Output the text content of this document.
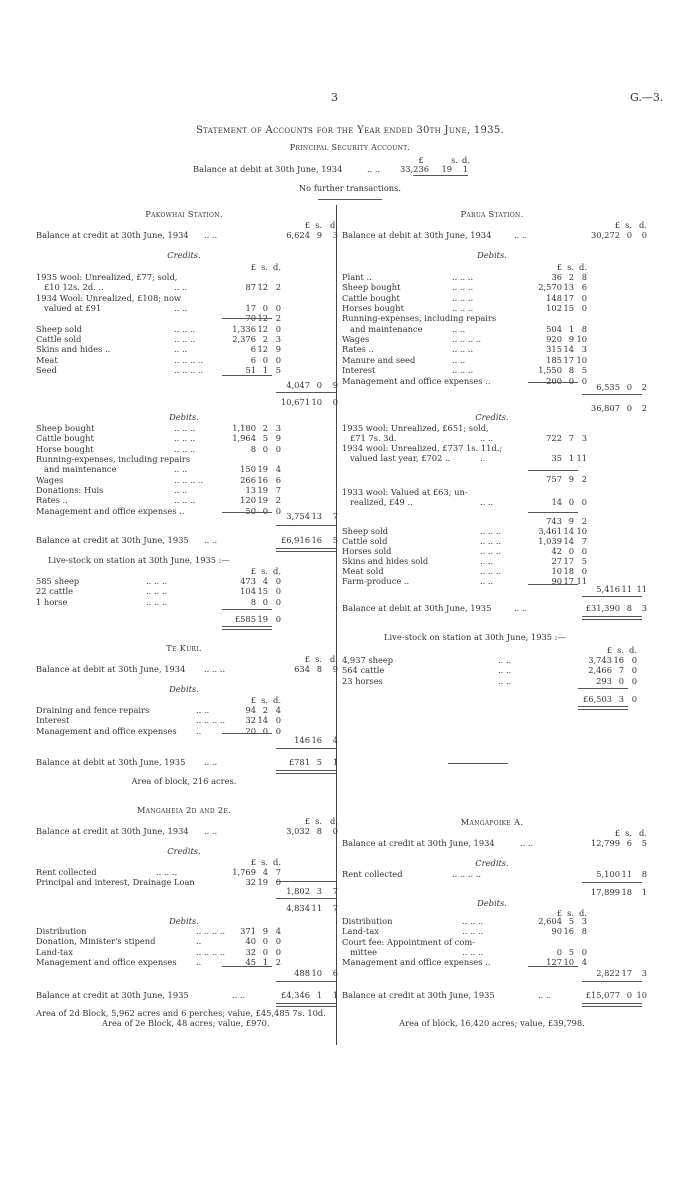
3	G.—3.
Statement of Accounts for the Year ended 30th June, 1935.
Principal Security Account.
£	s. d.
Balance at debit at 30th June, 1934	.. ..	33,236	19	1
No further transactions.
Pakowhai Station.
£ s. d.
Balance at credit at 30th June, 1934 .. ..	6,624 9	3
Credits.
£ s. d.
1935 wool: Unrealized, £77; sold,
£10 12s. 2d. ..	.. ..	87 12 2
1934 Wool: Unrealized, £108; now
valued at £91	.. ..	17 0 0
70 12 2
Sheep sold	.. .. ..	1,336 12 0
Cattle sold	.. .. ..	2,376 2 3
Skins and hides ..	.. ..	6 12 9
Meat	.. .. .. ..	6 0 0
Seed	.. .. .. ..	51 1 5
4,047 0	9
10,671 10	0
Debits.
Sheep bought	.. .. ..	1,180 2 3
Cattle bought	.. .. ..	1,964 5 9
Horse bought	.. .. ..	8 0 0
Running-expenses, including repairs
and maintenance	.. ..	150 19 4
Wages	.. .. .. ..	266 16 6
Donations: Huis	.. ..	13 19 7
Rates ..	.. .. ..	120 19 2
Management and office expenses ..	50 0 0
3,754 13	7
Balance at credit at 30th June, 1935 .. ..	£6,916 16	5
Live-stock on station at 30th June, 1935 :—
£ s. d.
585 sheep	.. .. ..	473 4 0
22 cattle	.. .. ..	104 15 0
1 horse	.. .. ..	8 0 0
£585 19 0
Te Kuri.
£ s. d.
Balance at debit at 30th June, 1934 .. .. ..	634 8	9
Debits.
£ s. d.
Draining and fence repairs	.. ..	94 2 4
Interest	.. .. .. ..	32 14 0
Management and office expenses ..	20 0 0
146 16	4
Balance at debit at 30th June, 1935 .. ..	£781 5	1
Area of block, 216 acres.
Mangaheia 2d and 2e.
£ s. d.
Balance at credit at 30th June, 1934 .. ..	3,032 8	0
Credits.
£ s. d.
Rent collected	.. .. ..	1,769 4 7
Principal and interest, Drainage Loan	32 19 0
1,802 3	7
4,834 11	7
Debits.
Distribution	.. .. .. ..	371 9 4
Donation, Minister's stipend	..	40 0 0
Land-tax	.. .. .. ..	32 0 0
Management and office expenses ..	45 1 2
488 10	6
Balance at credit at 30th June, 1935	.. ..	£4,346 1	1
Area of 2d Block, 5,962 acres and 6 perches; value, £45,485 7s. 10d.
Area of 2e Block, 48 acres; value, £970.
Parua Station.
£ s. d.
Balance at debit at 30th June, 1934	.. ..	30,272 0	0
Debits.
£ s. d.
Plant ..	.. .. ..	36 2 8
Sheep bought	.. .. ..	2,570 13 6
Cattle bought	.. .. ..	148 17 0
Horses bought	.. .. ..	102 15 0
Running-expenses, including repairs
and maintenance	.. ..	504 1 8
Wages	.. .. .. ..	920 9 10
Rates ..	.. .. ..	315 14 3
Manure and seed	.. ..	185 17 10
Interest	.. .. ..	1,550 8 5
Management and office expenses ..	200 0 0
6,535 0	2
36,807 0	2
Credits.
1935 wool: Unrealized, £651; sold,
£71 7s. 3d.	.. ..	722 7 3
1934 wool: Unrealized, £737 1s. 11d.;
valued last year, £702 ..	..	35 1 11
757 9 2
1933 wool: Valued at £63; un-
realized, £49 ..	.. ..	14 0 0
743 9 2
Sheep sold	.. .. ..	3,461 14 10
Cattle sold	.. .. ..	1,039 14 7
Horses sold	.. .. ..	42 0 0
Skins and hides sold	.. ..	27 17 5
Meat sold	.. .. ..	10 18 0
Farm-produce ..	.. ..	90 17 11
5,416 11 11
Balance at debit at 30th June, 1935	.. ..	£31,390 8	3
Live-stock on station at 30th June, 1935 :—
£ s. d.
4,937 sheep	.. ..	3,743 16 0
564 cattle	.. ..	2,466 7 0
23 horses	.. ..	293 0 0
£6,503 3 0
Mangapoike A.
£ s. d.
Balance at credit at 30th June, 1934	.. ..	12,799 6	5
Credits.
Rent collected	.. .. .. ..	5,100 11	8
17,899 18	1
Debits.
£ s. d.
Distribution	.. .. ..	2,604 5 3
Land-tax	.. .. ..	90 16 8
Court fee: Appointment of com-
mittee	.. .. ..	0 5 0
Management and office expenses ..	127 10 4
2,822 17	3
Balance at credit at 30th June, 1935	.. ..	£15,077 0 10
Area of block, 16,420 acres; value, £39,798.
